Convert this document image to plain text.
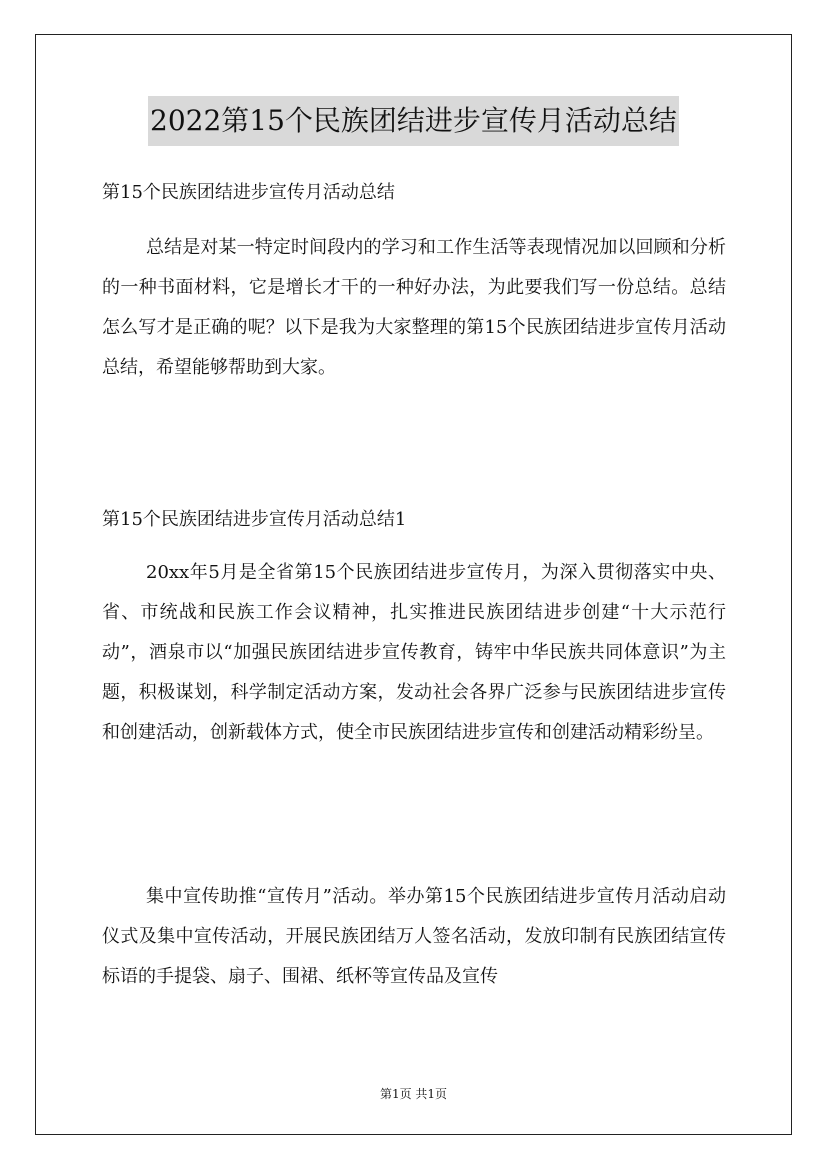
2022第15个民族团结进步宣传月活动总结
第15个民族团结进步宣传月活动总结

总结是对某一特定时间段内的学习和工作生活等表现情况加以回顾和分析的一种书面材料，它是增长才干的一种好办法，为此要我们写一份总结。总结怎么写才是正确的呢？以下是我为大家整理的第15个民族团结进步宣传月活动总结，希望能够帮助到大家。

第15个民族团结进步宣传月活动总结1

20xx年5月是全省第15个民族团结进步宣传月，为深入贯彻落实中央、省、市统战和民族工作会议精神，扎实推进民族团结进步创建“十大示范行动”，酒泉市以“加强民族团结进步宣传教育，铸牢中华民族共同体意识”为主题，积极谋划，科学制定活动方案，发动社会各界广泛参与民族团结进步宣传和创建活动，创新载体方式，使全市民族团结进步宣传和创建活动精彩纷呈。

集中宣传助推“宣传月”活动。举办第15个民族团结进步宣传月活动启动仪式及集中宣传活动，开展民族团结万人签名活动，发放印制有民族团结宣传标语的手提袋、扇子、围裙、纸杯等宣传品及宣传

第1页 共1页
